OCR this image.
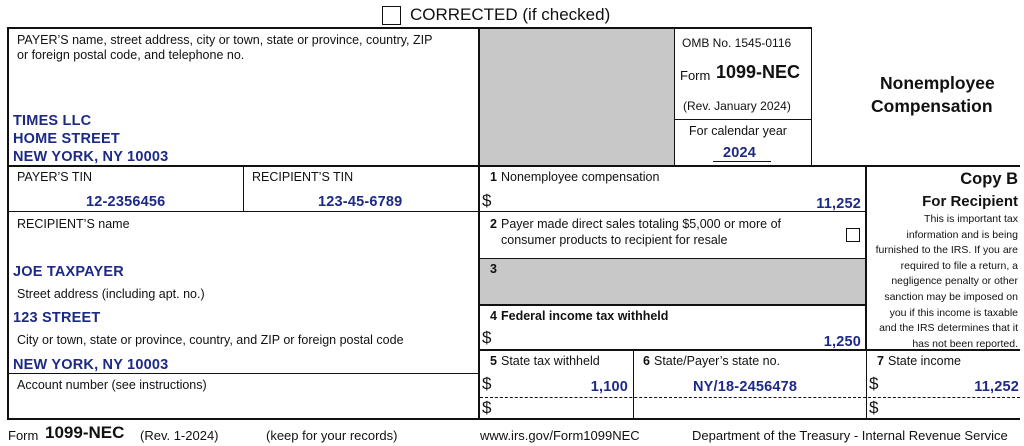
CORRECTED (if checked)
PAYER’S name, street address, city or town, state or province, country, ZIP
or foreign postal code, and telephone no.
TIMES LLC
HOME STREET
NEW YORK, NY 10003
OMB No. 1545-0116
Form 1099-NEC
(Rev. January 2024)
For calendar year
2024
Nonemployee
Compensation
PAYER’S TIN
12-2356456
RECIPIENT’S TIN
123-45-6789
RECIPIENT’S name
JOE TAXPAYER
Street address (including apt. no.)
123 STREET
City or town, state or province, country, and ZIP or foreign postal code
NEW YORK, NY 10003
Account number (see instructions)
1 Nonemployee compensation
$	11,252
2 Payer made direct sales totaling $5,000 or more of
consumer products to recipient for resale
3
4 Federal income tax withheld
$	1,250
5 State tax withheld
$	1,100
$
6 State/Payer’s state no.
NY/18-2456478
7 State income
$	11,252
$
Copy B
For Recipient
This is important tax
information and is being
furnished to the IRS. If you are
required to file a return, a
negligence penalty or other
sanction may be imposed on
you if this income is taxable
and the IRS determines that it
has not been reported.
Form 1099-NEC (Rev. 1-2024)	(keep for your records)	www.irs.gov/Form1099NEC	Department of the Treasury - Internal Revenue Service
